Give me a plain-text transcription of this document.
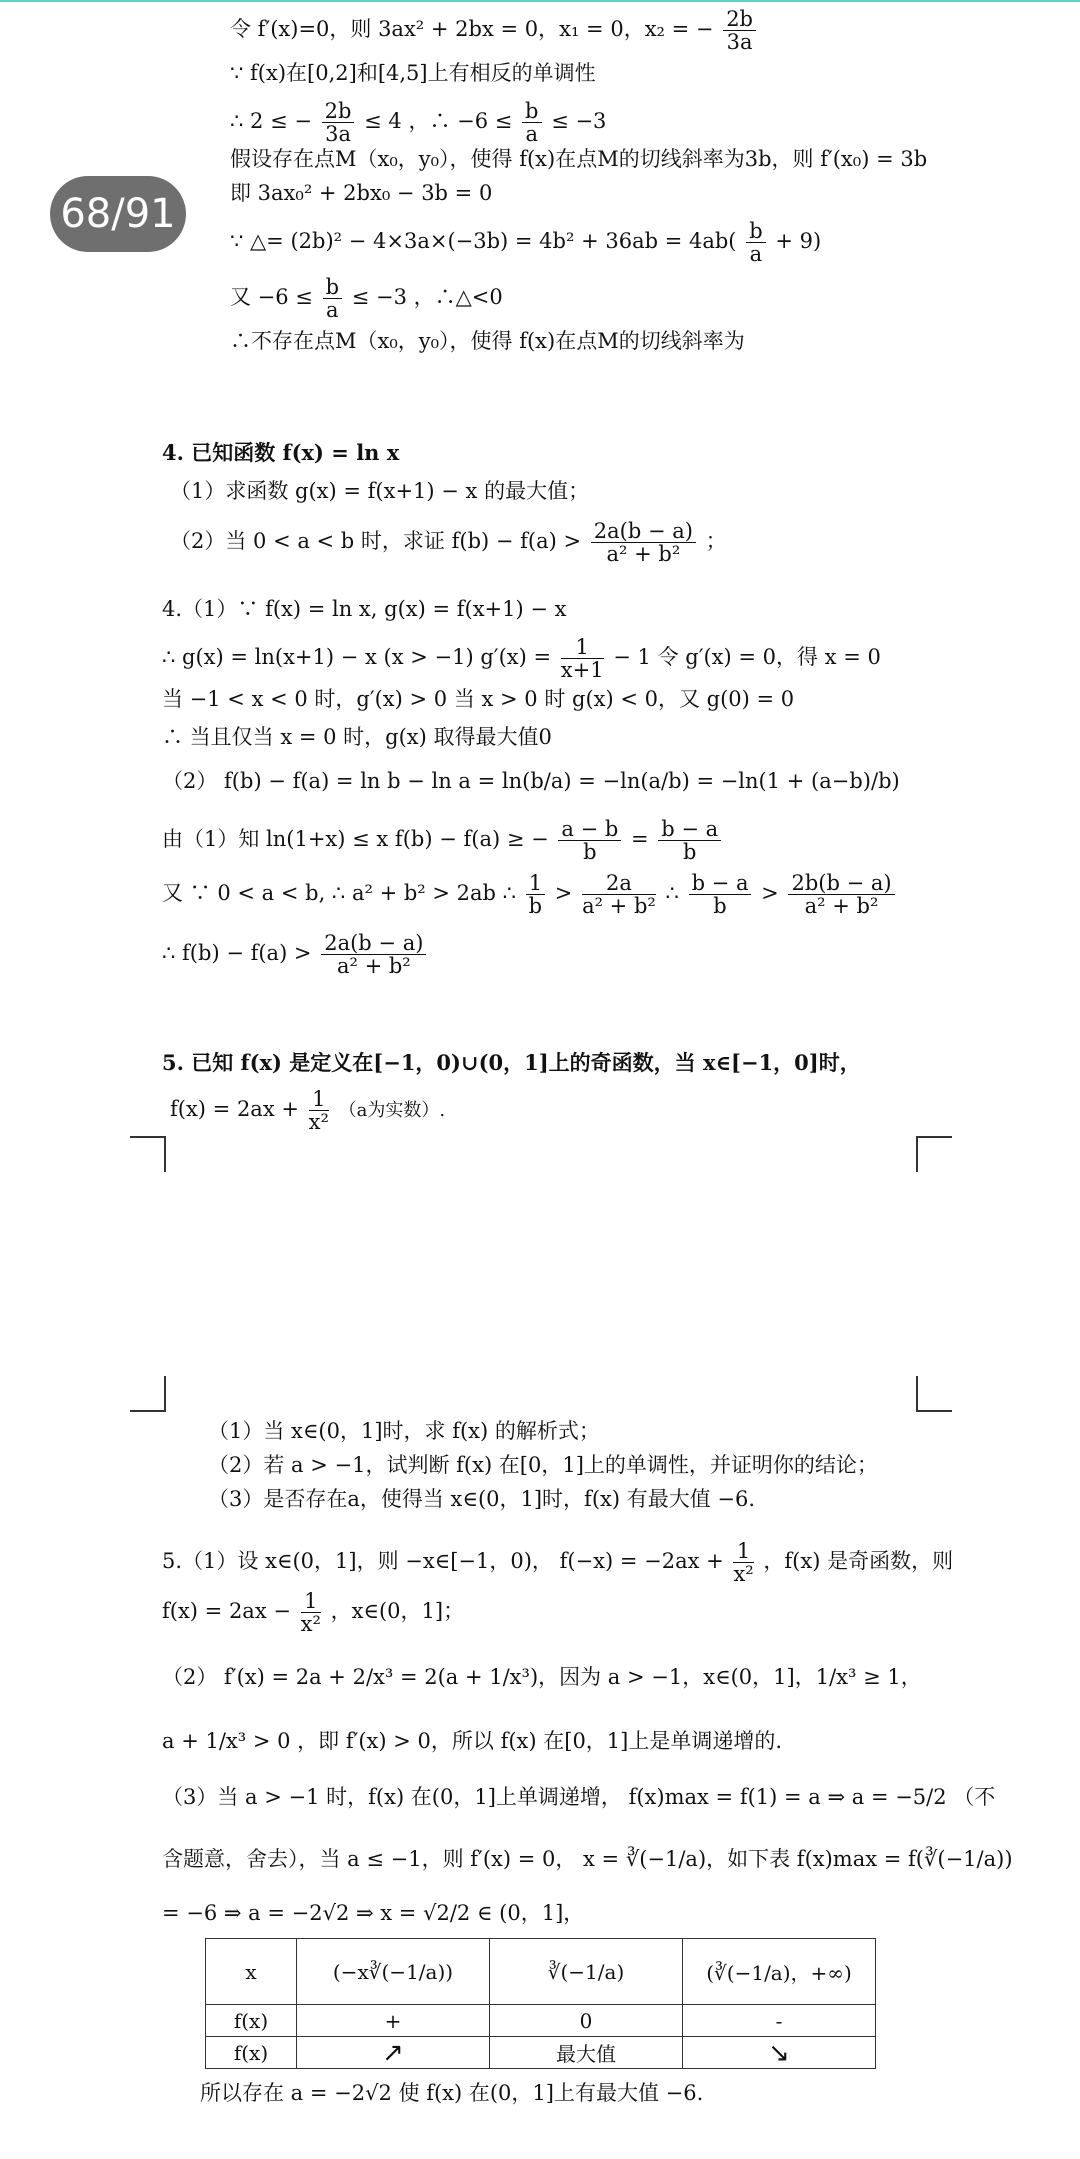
68/91
令 f′(x)=0，则 3ax² + 2bx = 0，x₁ = 0，x₂ = − $\frac{2b}{3a}$
∵ f(x)在[0,2]和[4,5]上有相反的单调性
∴ 2 ≤ − $\frac{2b}{3a} \le 4$ ，∴ $-6 \le \frac{b}{a} \le -3$
假设存在点M（x₀，y₀），使得 f(x)在点M的切线斜率为3b，则 f′(x₀) = 3b
即 3ax₀² + 2bx₀ − 3b = 0
∵ △= $(2b)^2 - 4\times 3a\times(-3b) = 4b^2 + 36ab = 4ab( \frac{b}{a} + 9)$
又 $-6 \le \frac{b}{a} \le -3$ ，∴△<0
∴不存在点M（x₀，y₀），使得 f(x)在点M的切线斜率为
4. 已知函数 f(x) = ln x
（1）求函数 g(x) = f(x+1) − x 的最大值；
（2）当 0 < a < b 时，求证 $f(b) - f(a) > \frac{2a(b - a)}{\text{a² + b²}}$ ；
4.（1）∵ f(x) = ln x, g(x) = f(x+1) − x
∴ g(x) = ln(x+1) − x (x > −1) $g'(x) = \frac{1}{x+1} - 1$ 令 g′(x) = 0，得 x = 0
当 −1 < x < 0 时，g′(x) > 0 当 x > 0 时 g(x) < 0，又 g(0) = 0
∴ 当且仅当 x = 0 时，g(x) 取得最大值0
（2） f(b) − f(a) = ln b − ln a = ln(b/a) = −ln(a/b) = −ln(1 + (a−b)/b)
由（1）知 ln(1+x) ≤ x f(b) − f(a) ≥ − $\frac{a - b}{b} = \frac{b - a}{b}$
又 ∵ 0 < a < b, ∴ a² + b² > 2ab ∴ $\frac{1}{b} > \frac{2a}{\text{a² + b²}}$ ∴ $\frac{b - a}{b} > \frac{2b(b - a)}{\text{a² + b²}}$
∴ $f(b) - f(a) > \frac{2a(b - a)}{\text{a² + b²}}$
5. 已知 f(x) 是定义在[−1，0)∪(0，1]上的奇函数，当 x∈[−1，0]时，
$f(x) = 2ax + \frac{1}{\text{x²}} (a$为实数）.
（1）当 x∈(0，1]时，求 f(x) 的解析式；
（2）若 a > −1，试判断 f(x) 在[0，1]上的单调性，并证明你的结论；
（3）是否存在a，使得当 x∈(0，1]时，f(x) 有最大值 −6.
5.（1）设 x∈(0，1]，则 −x∈[−1，0)， $f(-x) = -2ax + \frac{1}{\text{x²}}$ ，f(x) 是奇函数，则
$f(x) = 2ax - \frac{1}{\text{x²}}$ ，x∈(0，1]；
（2） f′(x) = 2a + 2/x³ = 2(a + 1/x³)，因为 a > −1，x∈(0，1]，1/x³ ≥ 1，
a + 1/x³ > 0 ，即 f′(x) > 0，所以 f(x) 在[0，1]上是单调递增的.
（3）当 a > −1 时，f(x) 在(0，1]上单调递增， f(x)max = f(1) = a ⇒ a = −5/2 （不
含题意，舍去），当 a ≤ −1，则 f′(x) = 0， x = ∛(−1/a)，如下表 f(x)max = f(∛(−1/a))
= −6 ⇒ a = −2√2 ⇒ x = √2/2 ∈ (0，1]，
x	(−x∛(−1/a))	∛(−1/a)	(∛(−1/a)，+∞)
f(x)	+	0	-
f(x)	↗	最大值	↘
所以存在 a = −2√2 使 f(x) 在(0，1]上有最大值 −6.
